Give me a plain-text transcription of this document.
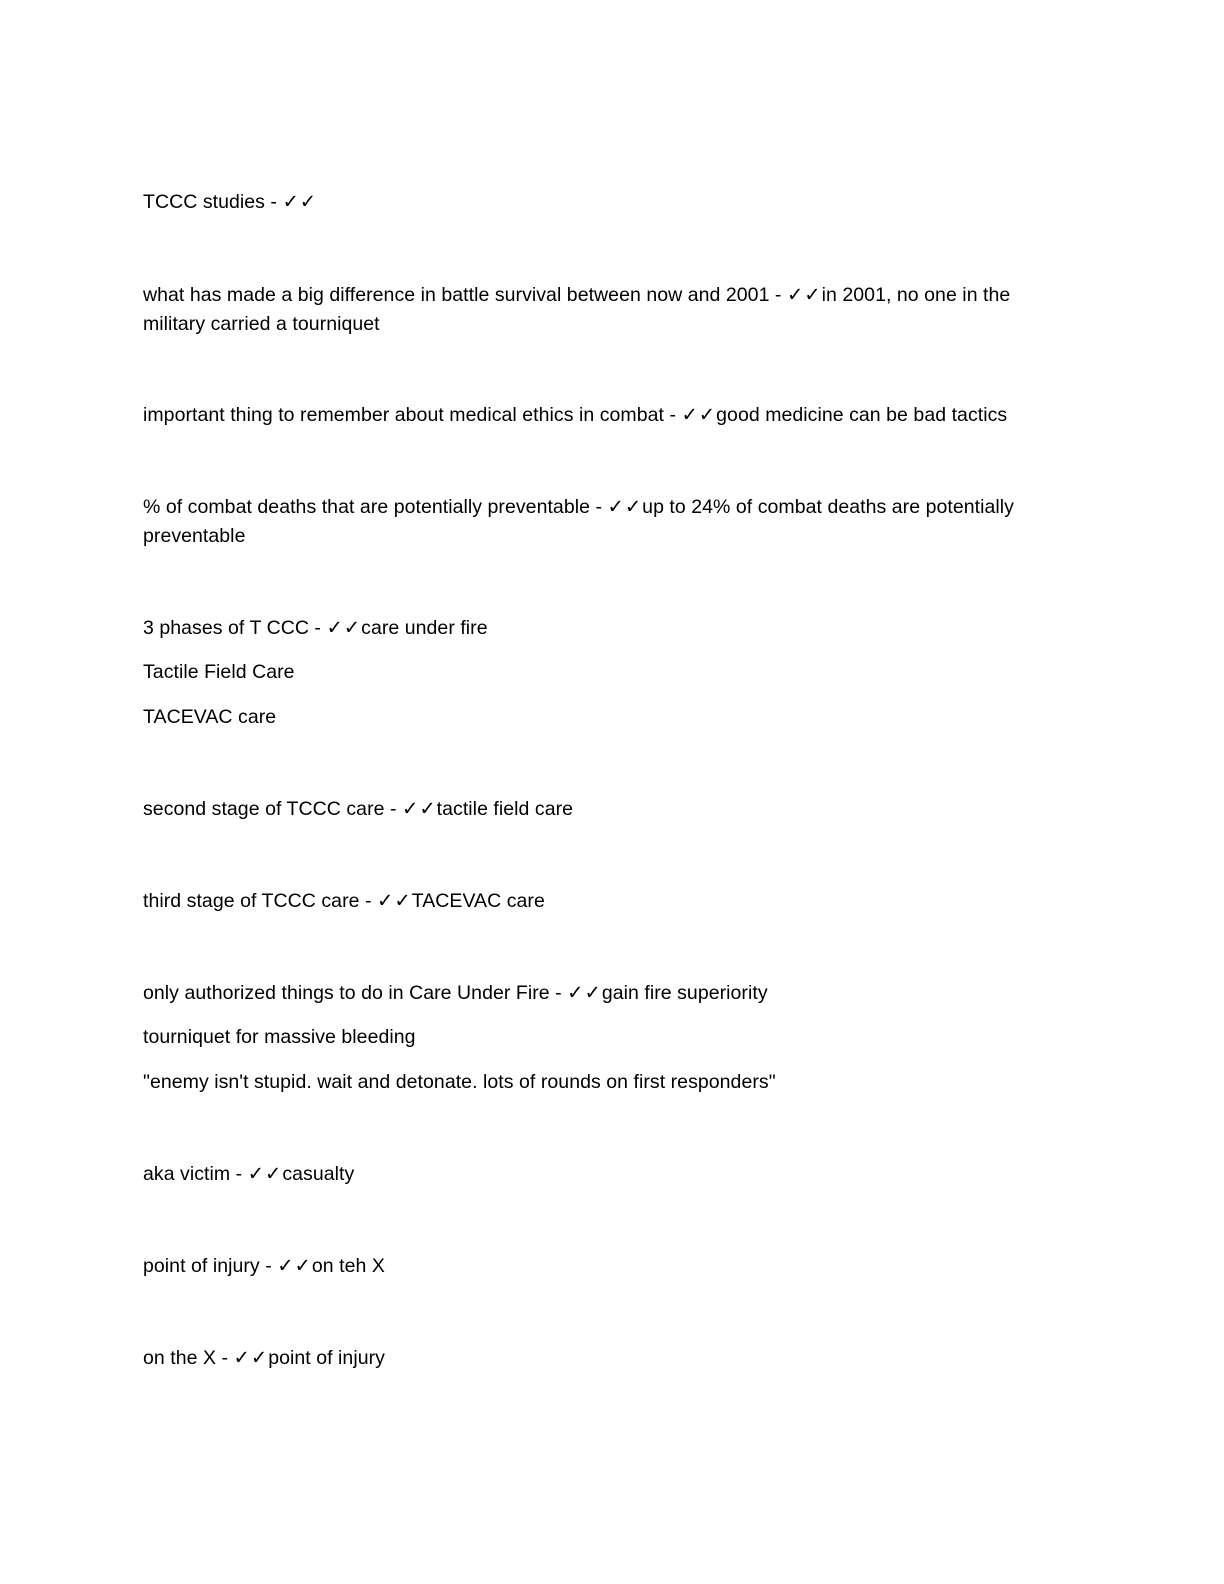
TCCC studies - ✓✓
what has made a big difference in battle survival between now and 2001 - ✓✓in 2001, no one in the military carried a tourniquet
important thing to remember about medical ethics in combat - ✓✓good medicine can be bad tactics
% of combat deaths that are potentially preventable - ✓✓up to 24% of combat deaths are potentially preventable
3 phases of T CCC - ✓✓care under fire
Tactile Field Care
TACEVAC care
second stage of TCCC care - ✓✓tactile field care
third stage of TCCC care - ✓✓TACEVAC care
only authorized things to do in Care Under Fire - ✓✓gain fire superiority
tourniquet for massive bleeding
"enemy isn't stupid. wait and detonate. lots of rounds on first responders"
aka victim - ✓✓casualty
point of injury - ✓✓on teh X
on the X - ✓✓point of injury
